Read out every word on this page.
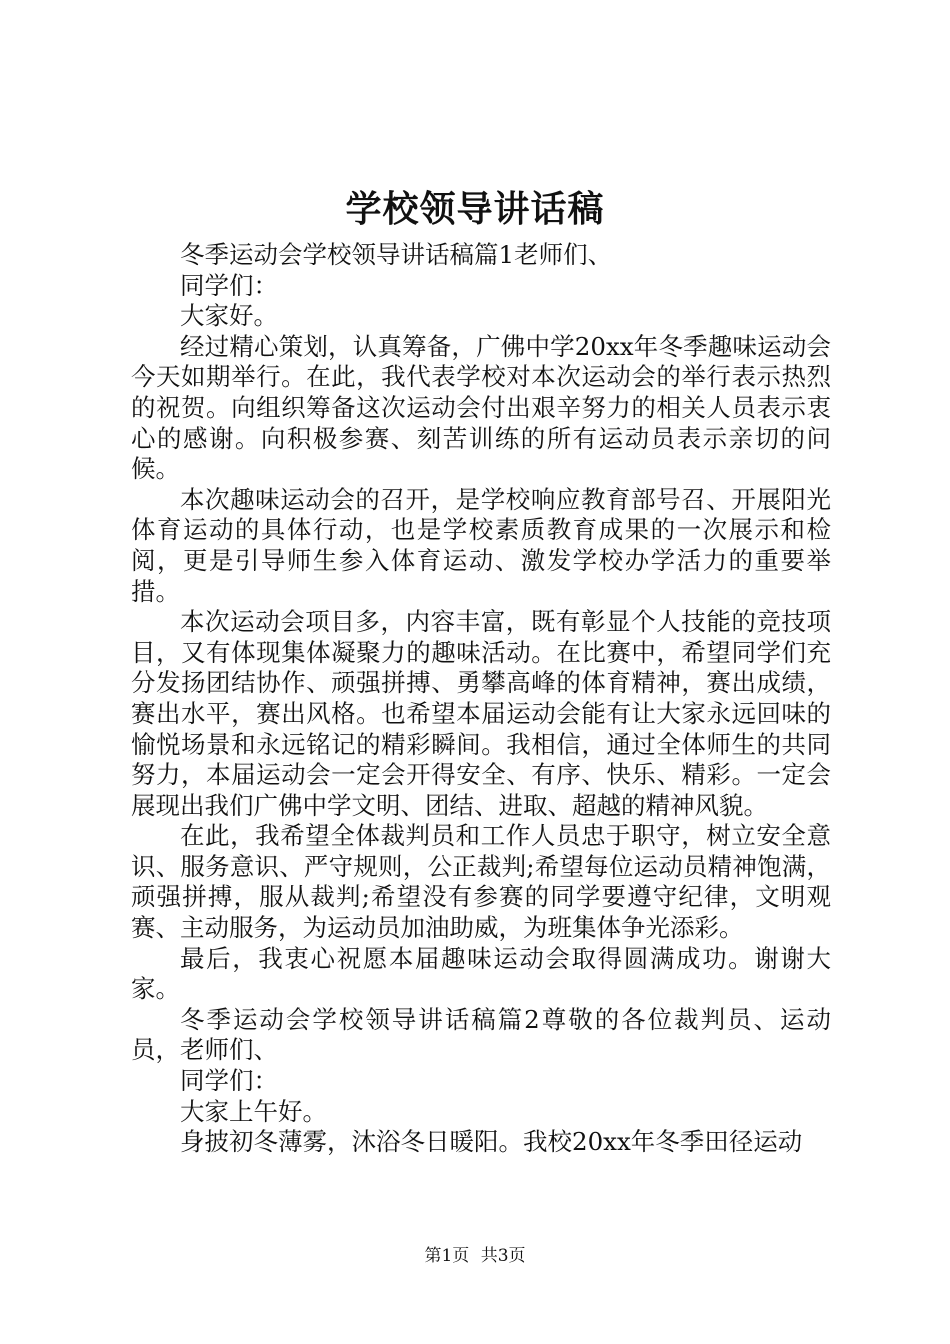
学校领导讲话稿

冬季运动会学校领导讲话稿篇1老师们、

同学们：

大家好。

经过精心策划，认真筹备，广佛中学20xx年冬季趣味运动会今天如期举行。在此，我代表学校对本次运动会的举行表示热烈的祝贺。向组织筹备这次运动会付出艰辛努力的相关人员表示衷心的感谢。向积极参赛、刻苦训练的所有运动员表示亲切的问候。

本次趣味运动会的召开，是学校响应教育部号召、开展阳光体育运动的具体行动，也是学校素质教育成果的一次展示和检阅，更是引导师生参入体育运动、激发学校办学活力的重要举措。

本次运动会项目多，内容丰富，既有彰显个人技能的竞技项目，又有体现集体凝聚力的趣味活动。在比赛中，希望同学们充分发扬团结协作、顽强拼搏、勇攀高峰的体育精神，赛出成绩，赛出水平，赛出风格。也希望本届运动会能有让大家永远回味的愉悦场景和永远铭记的精彩瞬间。我相信，通过全体师生的共同努力，本届运动会一定会开得安全、有序、快乐、精彩。一定会展现出我们广佛中学文明、团结、进取、超越的精神风貌。

在此，我希望全体裁判员和工作人员忠于职守，树立安全意识、服务意识、严守规则，公正裁判;希望每位运动员精神饱满，顽强拼搏，服从裁判;希望没有参赛的同学要遵守纪律，文明观赛、主动服务，为运动员加油助威，为班集体争光添彩。

最后，我衷心祝愿本届趣味运动会取得圆满成功。谢谢大家。

冬季运动会学校领导讲话稿篇2尊敬的各位裁判员、运动员，老师们、

同学们：

大家上午好。

身披初冬薄雾，沐浴冬日暖阳。我校20xx年冬季田径运动

第1页 共3页
